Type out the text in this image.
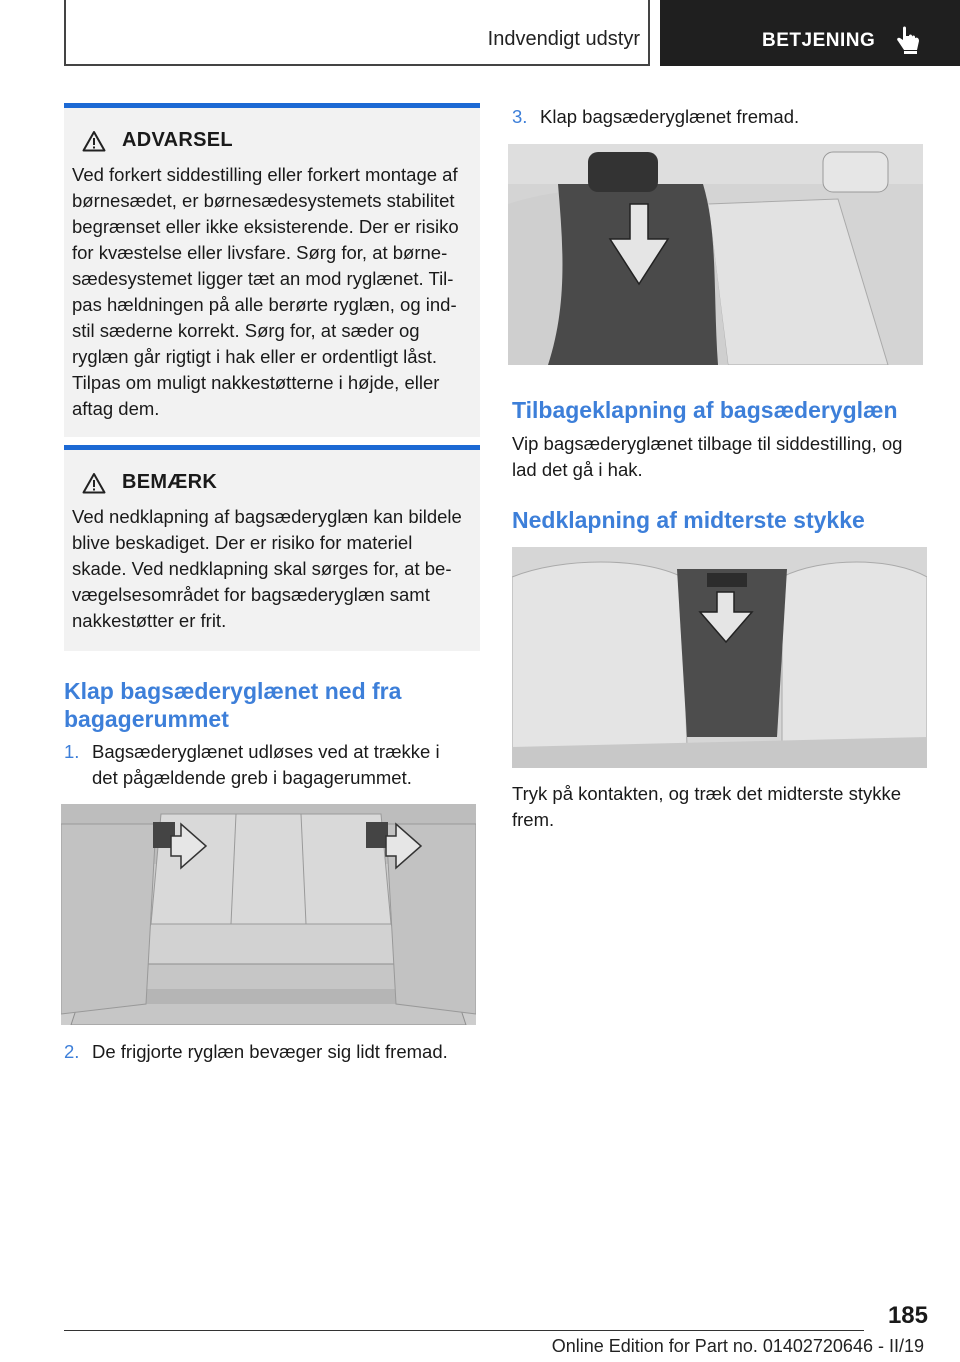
Indvendigt udstyr	BETJENING
ADVARSEL
Ved forkert siddestilling eller forkert montage af
børnesædet, er børnesædesystemets stabilitet
begrænset eller ikke eksisterende. Der er risiko
for kvæstelse eller livsfare. Sørg for, at børne‐
sædesystemet ligger tæt an mod ryglænet. Til‐
pas hældningen på alle berørte ryglæn, og ind‐
stil sæderne korrekt. Sørg for, at sæder og
ryglæn går rigtigt i hak eller er ordentligt låst.
Tilpas om muligt nakkestøtterne i højde, eller
aftag dem.
BEMÆRK
Ved nedklapning af bagsæderyglæn kan bildele
blive beskadiget. Der er risiko for materiel
skade. Ved nedklapning skal sørges for, at be‐
vægelsesområdet for bagsæderyglæn samt
nakkestøtter er frit.
Klap bagsæderyglænet ned fra
bagagerummet
1. Bagsæderyglænet udløses ved at trække i
det pågældende greb i bagagerummet.
2. De frigjorte ryglæn bevæger sig lidt fremad.
3. Klap bagsæderyglænet fremad.
Tilbageklapning af bagsæderyglæn
Vip bagsæderyglænet tilbage til siddestilling, og
lad det gå i hak.
Nedklapning af midterste stykke
Tryk på kontakten, og træk det midterste stykke
frem.
185
Online Edition for Part no. 01402720646 - II/19
